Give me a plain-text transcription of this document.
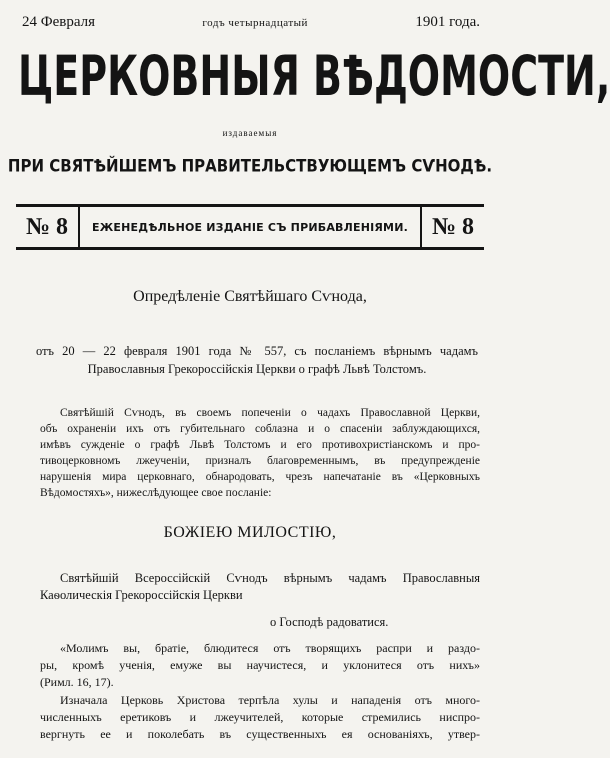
24 Февраля	годъ четырнадцатый	1901 года.
ЦЕРКОВНЫЯ ВѢДОМОСТИ,
издаваемыя
ПРИ СВЯТѢЙШЕМЪ ПРАВИТЕЛЬСТВУЮЩЕМЪ СѴНОДѢ.
№ 8	ЕЖЕНЕДѢЛЬНОЕ ИЗДАНІЕ СЪ ПРИБАВЛЕНІЯМИ. № 8
Опредѣленіе Святѣйшаго Сѵнода,
отъ 20 — 22 февраля 1901 года № 557, съ посланіемъ вѣрнымъ чадамъ
Православныя Грекороссійскія Церкви о графѣ Львѣ Толстомъ.
Святѣйшій Сѵнодъ, въ своемъ попеченіи о чадахъ Православной Церкви,
объ охраненіи ихъ отъ губительнаго соблазна и о спасеніи заблуждающихся,
имѣвъ сужденіе о графѣ Львѣ Толстомъ и его противохристіанскомъ и про-
тивоцерковномъ лжеученіи, призналъ благовременнымъ, въ предупрежденіе
нарушенія мира церковнаго, обнародовать, чрезъ напечатаніе въ «Церковныхъ
Вѣдомостяхъ», нижеслѣдующее свое посланіе:
БОЖІЕЮ МИЛОСТІЮ,
Святѣйшій Всероссійскій Сѵнодъ вѣрнымъ чадамъ Православныя
Каѳолическія Грекороссійскія Церкви
о Господѣ радоватися.
«Молимъ вы, братіе, блюдитеся отъ творящихъ распри и раздо-
ры, кромѣ ученія, емуже вы научистеся, и уклонитеся отъ нихъ»
(Римл. 16, 17).
Изначала Церковь Христова терпѣла хулы и нападенія отъ много-
численныхъ еретиковъ и лжеучителей, которые стремились ниспро-
вергнуть ее и поколебать въ существенныхъ ея основаніяхъ, утвер-
